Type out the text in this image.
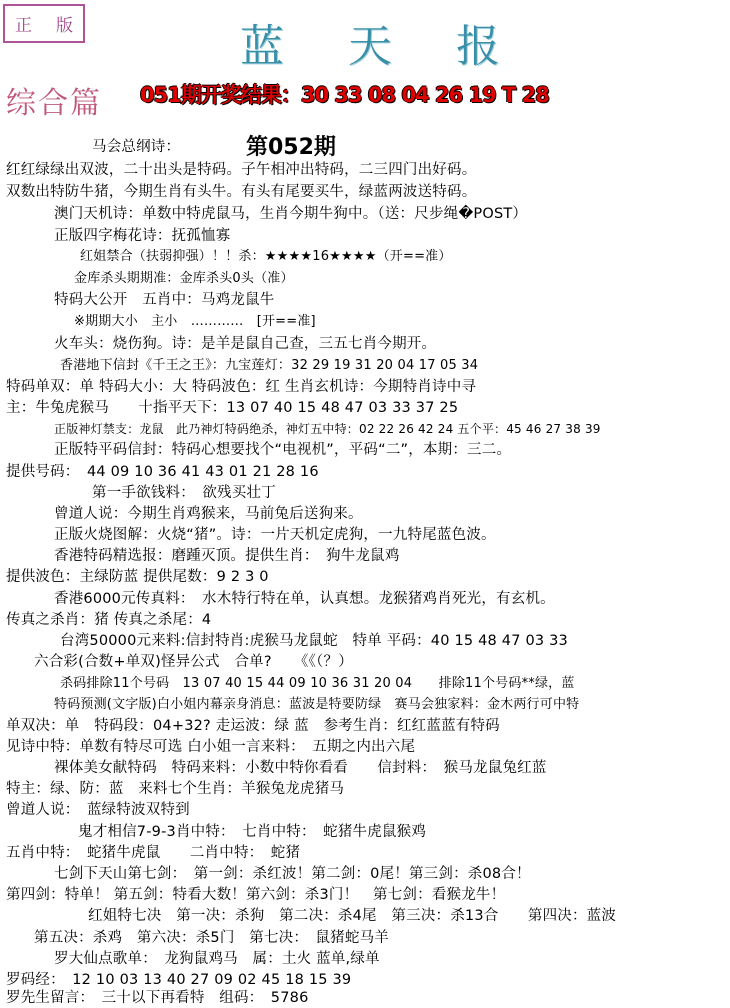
正 版	蓝 天 报
综合篇 051期开奖结果：30 33 08 04 26 19 T 28
第052期
马会总纲诗：
红红绿绿出双波，二十出头是特码。子午相冲出特码，二三四门出好码。
双数出特防牛猪，今期生肖有头牛。有头有尾要买牛，绿蓝两波送特码。
澳门天机诗：单数中特虎鼠马，生肖今期牛狗中。（送：尺步绳�POST）
正版四字梅花诗：抚孤恤寡
红姐禁合（扶弱抑强）！！杀：★★★★16★★★★（开==准）
金库杀头期期准：金库杀头0头（准）
特码大公开　五肖中：马鸡龙鼠牛
※期期大小　主小　…………　[开==准]
火车头：烧伤狗。诗：是羊是鼠自己查，三五七肖今期开。
香港地下信封《千王之王》：九宝莲灯：32 29 19 31 20 04 17 05 34
特码单双：单 特码大小：大 特码波色：红 生肖玄机诗：今期特肖诗中寻
主：牛兔虎猴马　　十指平天下：13 07 40 15 48 47 03 33 37 25
正版神灯禁支：龙鼠　此乃神灯特码绝杀，神灯五中特：02 22 26 42 24 五个平：45 46 27 38 39
正版特平码信封：特码心想要找个“电视机”，平码“二”，本期：三二。
提供号码：　44 09 10 36 41 43 01 21 28 16
第一手欲钱料：　欲残买壮丁
曾道人说：今期生肖鸡猴来，马前兔后送狗来。
正版火烧图解：火烧“猪”。诗：一片天机定虎狗，一九特尾蓝色波。
香港特码精选报：磨踵灭顶。提供生肖：　狗牛龙鼠鸡
提供波色：主绿防蓝 提供尾数：9 2 3 0
香港6000元传真料：　水木特行特在单，认真想。龙猴猪鸡肖死光，有玄机。
传真之杀肖：猪 传真之杀尾：4
台湾50000元来料:信封特肖:虎猴马龙鼠蛇　特单 平码：40 15 48 47 03 33
六合彩(合数+单双)怪异公式　合单?　　《《（？）
杀码排除11个号码　13 07 40 15 44 09 10 36 31 20 04　　排除11个号码**绿，蓝
特码预测(文字版)白小姐内幕亲身消息：蓝波是特要防绿　赛马会独家料：金木两行可中特
单双决：单　特码段：04+32? 走运波：绿 蓝　参考生肖：红红蓝蓝有特码
见诗中特：单数有特尽可选 白小姐一言来料：　五期之内出六尾
裸体美女献特码　特码来料：小数中特你看看　　信封料：　猴马龙鼠兔红蓝
特主：绿、防：蓝　来料七个生肖：羊猴兔龙虎猪马
曾道人说：　蓝绿特波双特到
鬼才相信7-9-3肖中特：　七肖中特：　蛇猪牛虎鼠猴鸡
五肖中特：　蛇猪牛虎鼠　　二肖中特：　蛇猪
七剑下天山第七剑：　第一剑：杀红波！第二剑：0尾！第三剑：杀08合！
第四剑：特单！ 第五剑：特看大数！第六剑：杀3门！　第七剑：看猴龙牛！
红姐特七决　第一决：杀狗　第二决：杀4尾　第三决：杀13合　　第四决：蓝波
第五决：杀鸡　第六决：杀5门　第七决：　鼠猪蛇马羊
罗大仙点歌单：　龙狗鼠鸡马　属：土火 蓝单,绿单
罗码经：　12 10 03 13 40 27 09 02 45 18 15 39
罗先生留言：　三十以下再看特　组码：　5786
